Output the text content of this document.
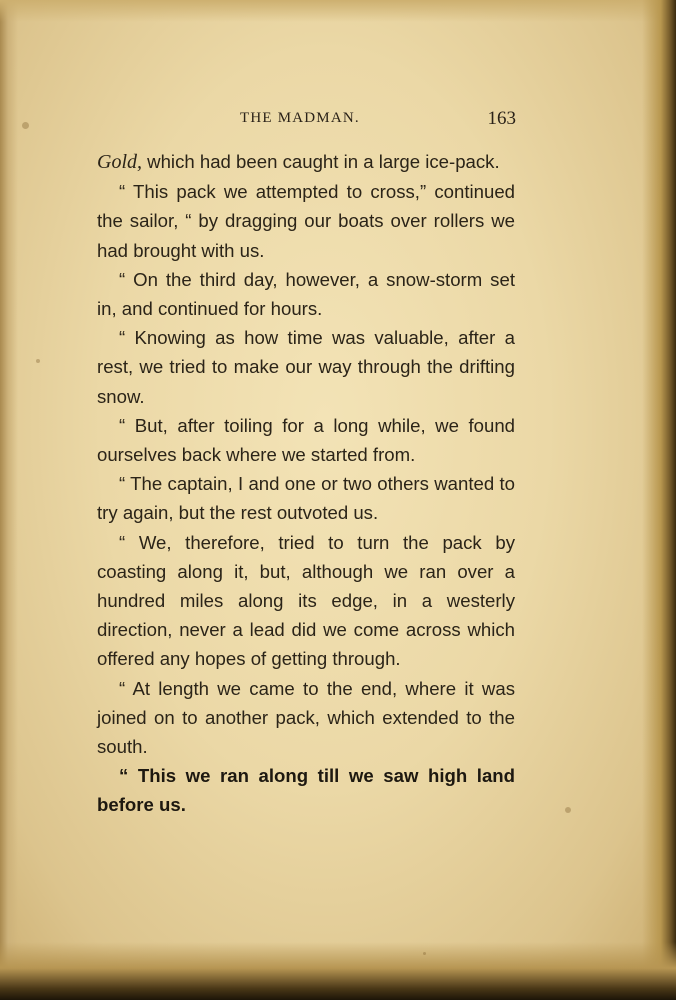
THE MADMAN.	163

Gold, which had been caught in a large ice-pack.

“ This pack we attempted to cross,” continued the sailor, “ by dragging our boats over rollers we had brought with us.

“ On the third day, however, a snow-storm set in, and continued for hours.

“ Knowing as how time was valuable, after a rest, we tried to make our way through the drifting snow.

“ But, after toiling for a long while, we found ourselves back where we started from.

“ The captain, I and one or two others wanted to try again, but the rest outvoted us.

“ We, therefore, tried to turn the pack by coasting along it, but, although we ran over a hundred miles along its edge, in a westerly direction, never a lead did we come across which offered any hopes of getting through.

“ At length we came to the end, where it was joined on to another pack, which extended to the south.

“ This we ran along till we saw high land before us.
